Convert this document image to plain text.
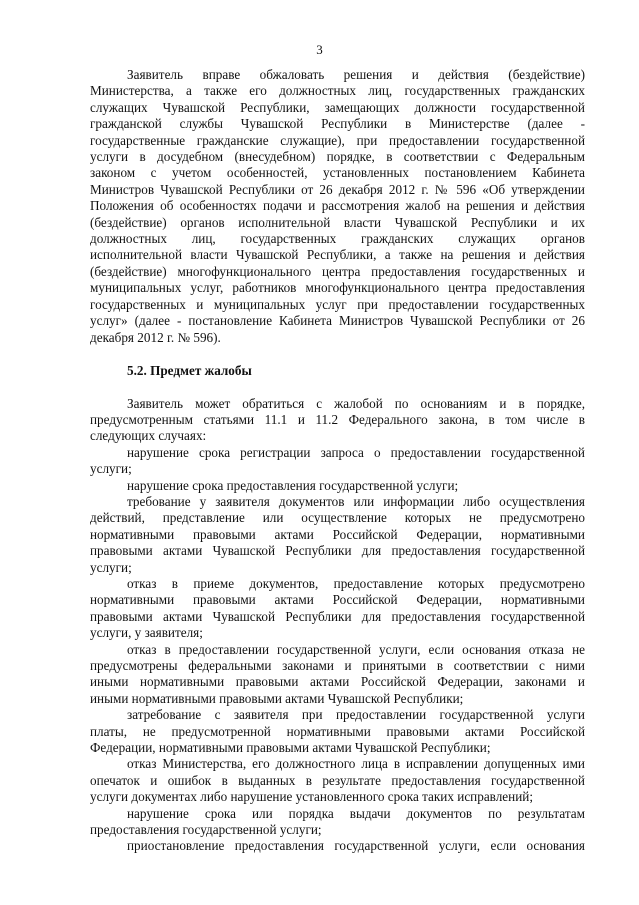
3
Заявитель вправе обжаловать решения и действия (бездействие)
Министерства, а также его должностных лиц, государственных гражданских
служащих Чувашской Республики, замещающих должности государственной
гражданской службы Чувашской Республики в Министерстве (далее -
государственные гражданские служащие), при предоставлении государственной
услуги в досудебном (внесудебном) порядке, в соответствии с Федеральным
законом с учетом особенностей, установленных постановлением Кабинета
Министров Чувашской Республики от 26 декабря 2012 г. № 596 «Об утверждении
Положения об особенностях подачи и рассмотрения жалоб на решения и действия
(бездействие) органов исполнительной власти Чувашской Республики и их
должностных лиц, государственных гражданских служащих органов
исполнительной власти Чувашской Республики, а также на решения и действия
(бездействие) многофункционального центра предоставления государственных и
муниципальных услуг, работников многофункционального центра предоставления
государственных и муниципальных услуг при предоставлении государственных
услуг» (далее - постановление Кабинета Министров Чувашской Республики от 26
декабря 2012 г. № 596).
5.2. Предмет жалобы
Заявитель может обратиться с жалобой по основаниям и в порядке,
предусмотренным статьями 11.1 и 11.2 Федерального закона, в том числе в
следующих случаях:
нарушение срока регистрации запроса о предоставлении государственной
услуги;
нарушение срока предоставления государственной услуги;
требование у заявителя документов или информации либо осуществления
действий, представление или осуществление которых не предусмотрено
нормативными правовыми актами Российской Федерации, нормативными
правовыми актами Чувашской Республики для предоставления государственной
услуги;
отказ в приеме документов, предоставление которых предусмотрено
нормативными правовыми актами Российской Федерации, нормативными
правовыми актами Чувашской Республики для предоставления государственной
услуги, у заявителя;
отказ в предоставлении государственной услуги, если основания отказа не
предусмотрены федеральными законами и принятыми в соответствии с ними
иными нормативными правовыми актами Российской Федерации, законами и
иными нормативными правовыми актами Чувашской Республики;
затребование с заявителя при предоставлении государственной услуги
платы, не предусмотренной нормативными правовыми актами Российской
Федерации, нормативными правовыми актами Чувашской Республики;
отказ Министерства, его должностного лица в исправлении допущенных ими
опечаток и ошибок в выданных в результате предоставления государственной
услуги документах либо нарушение установленного срока таких исправлений;
нарушение срока или порядка выдачи документов по результатам
предоставления государственной услуги;
приостановление предоставления государственной услуги, если основания
